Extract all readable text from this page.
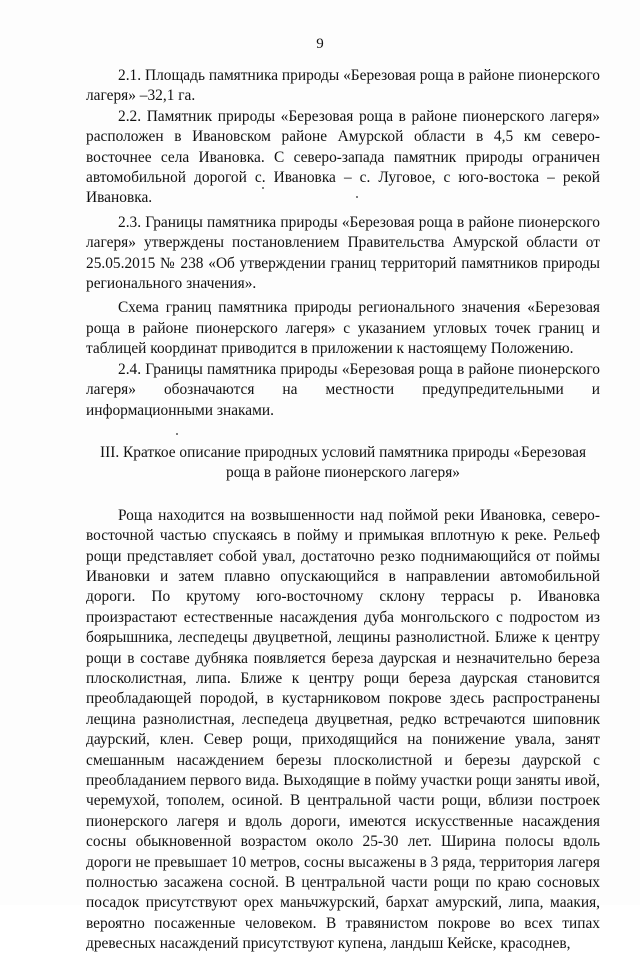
9

2.1. Площадь памятника природы «Березовая роща в районе пионерского лагеря» –32,1 га.

2.2. Памятник природы «Березовая роща в районе пионерского лагеря» расположен в Ивановском районе Амурской области в 4,5 км северо-восточнее села Ивановка. С северо-запада памятник природы ограничен автомобильной дорогой с. Ивановка – с. Луговое, с юго-востока – рекой Ивановка.

2.3. Границы памятника природы «Березовая роща в районе пионерского лагеря» утверждены постановлением Правительства Амурской области от 25.05.2015 № 238 «Об утверждении границ территорий памятников природы регионального значения».

Схема границ памятника природы регионального значения «Березовая роща в районе пионерского лагеря» с указанием угловых точек границ и таблицей координат приводится в приложении к настоящему Положению.

2.4. Границы памятника природы «Березовая роща в районе пионерского лагеря» обозначаются на местности предупредительными и информационными знаками.

III. Краткое описание природных условий памятника природы «Березовая
роща в районе пионерского лагеря»

Роща находится на возвышенности над поймой реки Ивановка, северо-восточной частью спускаясь в пойму и примыкая вплотную к реке. Рельеф рощи представляет собой увал, достаточно резко поднимающийся от поймы Ивановки и затем плавно опускающийся в направлении автомобильной дороги. По крутому юго-восточному склону террасы р. Ивановка произрастают естественные насаждения дуба монгольского с подростом из боярышника, леспедецы двуцветной, лещины разнолистной. Ближе к центру рощи в составе дубняка появляется береза даурская и незначительно береза плосколистная, липа. Ближе к центру рощи береза даурская становится преобладающей породой, в кустарниковом покрове здесь распространены лещина разнолистная, леспедеца двуцветная, редко встречаются шиповник даурский, клен. Север рощи, приходящийся на понижение увала, занят смешанным насаждением березы плосколистной и березы даурской с преобладанием первого вида. Выходящие в пойму участки рощи заняты ивой, черемухой, тополем, осиной. В центральной части рощи, вблизи построек пионерского лагеря и вдоль дороги, имеются искусственные насаждения сосны обыкновенной возрастом около 25-30 лет. Ширина полосы вдоль дороги не превышает 10 метров, сосны высажены в 3 ряда, территория лагеря полностью засажена сосной. В центральной части рощи по краю сосновых посадок присутствуют орех маньчжурский, бархат амурский, липа, маакия, вероятно посаженные человеком. В травянистом покрове во всех типах древесных насаждений присутствуют купена, ландыш Кейске, красоднев,
